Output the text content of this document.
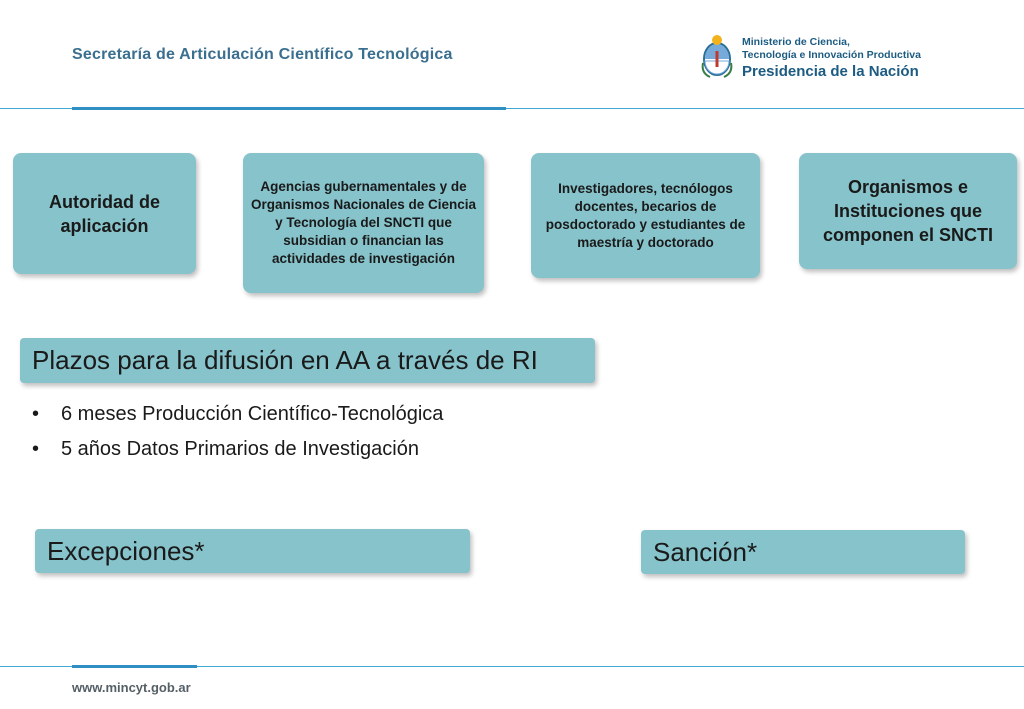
Secretaría de Articulación Científico Tecnológica
Ministerio de Ciencia,
Tecnología e Innovación Productiva
Presidencia de la Nación
Autoridad de aplicación
Agencias gubernamentales y de Organismos Nacionales de Ciencia y Tecnología del SNCTI que subsidian o financian las actividades de investigación
Investigadores, tecnólogos docentes, becarios de posdoctorado y estudiantes de maestría y doctorado
Organismos e Instituciones que componen el SNCTI
Plazos para la difusión en AA a través de RI
• 6 meses Producción Científico-Tecnológica
• 5 años Datos Primarios de Investigación
Excepciones*	Sanción*
www.mincyt.gob.ar
